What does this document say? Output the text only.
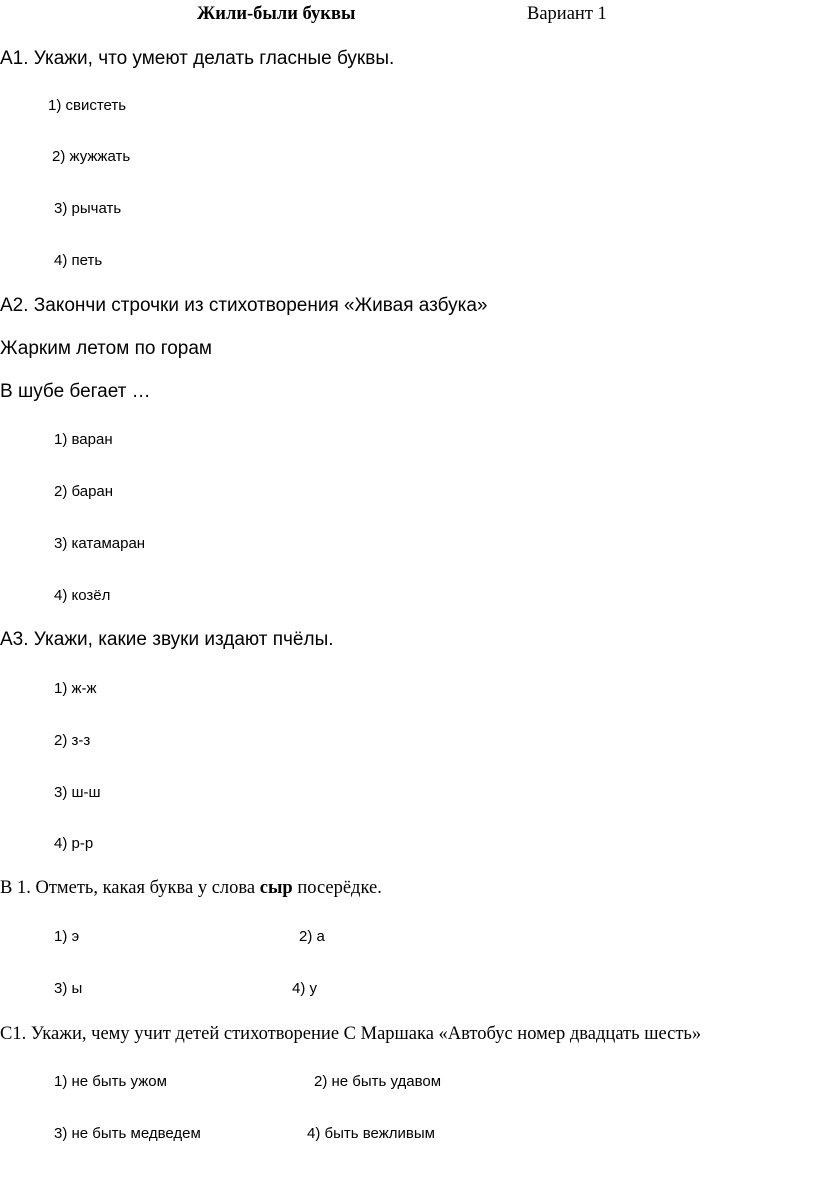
Жили-были буквы	Вариант 1
А1. Укажи, что умеют делать гласные буквы.
1) свистеть
2) жужжать
3) рычать
4) петь
А2. Закончи строчки из стихотворения «Живая азбука»
Жарким летом по горам
В шубе бегает …
1) варан
2) баран
3) катамаран
4) козёл
А3. Укажи, какие звуки издают пчёлы.
1) ж-ж
2) з-з
3) ш-ш
4) р-р
В 1. Отметь, какая буква у слова сыр посерёдке.
1) э	2) а
3) ы	4) у
С1. Укажи, чему учит детей стихотворение С Маршака «Автобус номер двадцать шесть»
1) не быть ужом	2) не быть удавом
3) не быть медведем	4) быть вежливым
